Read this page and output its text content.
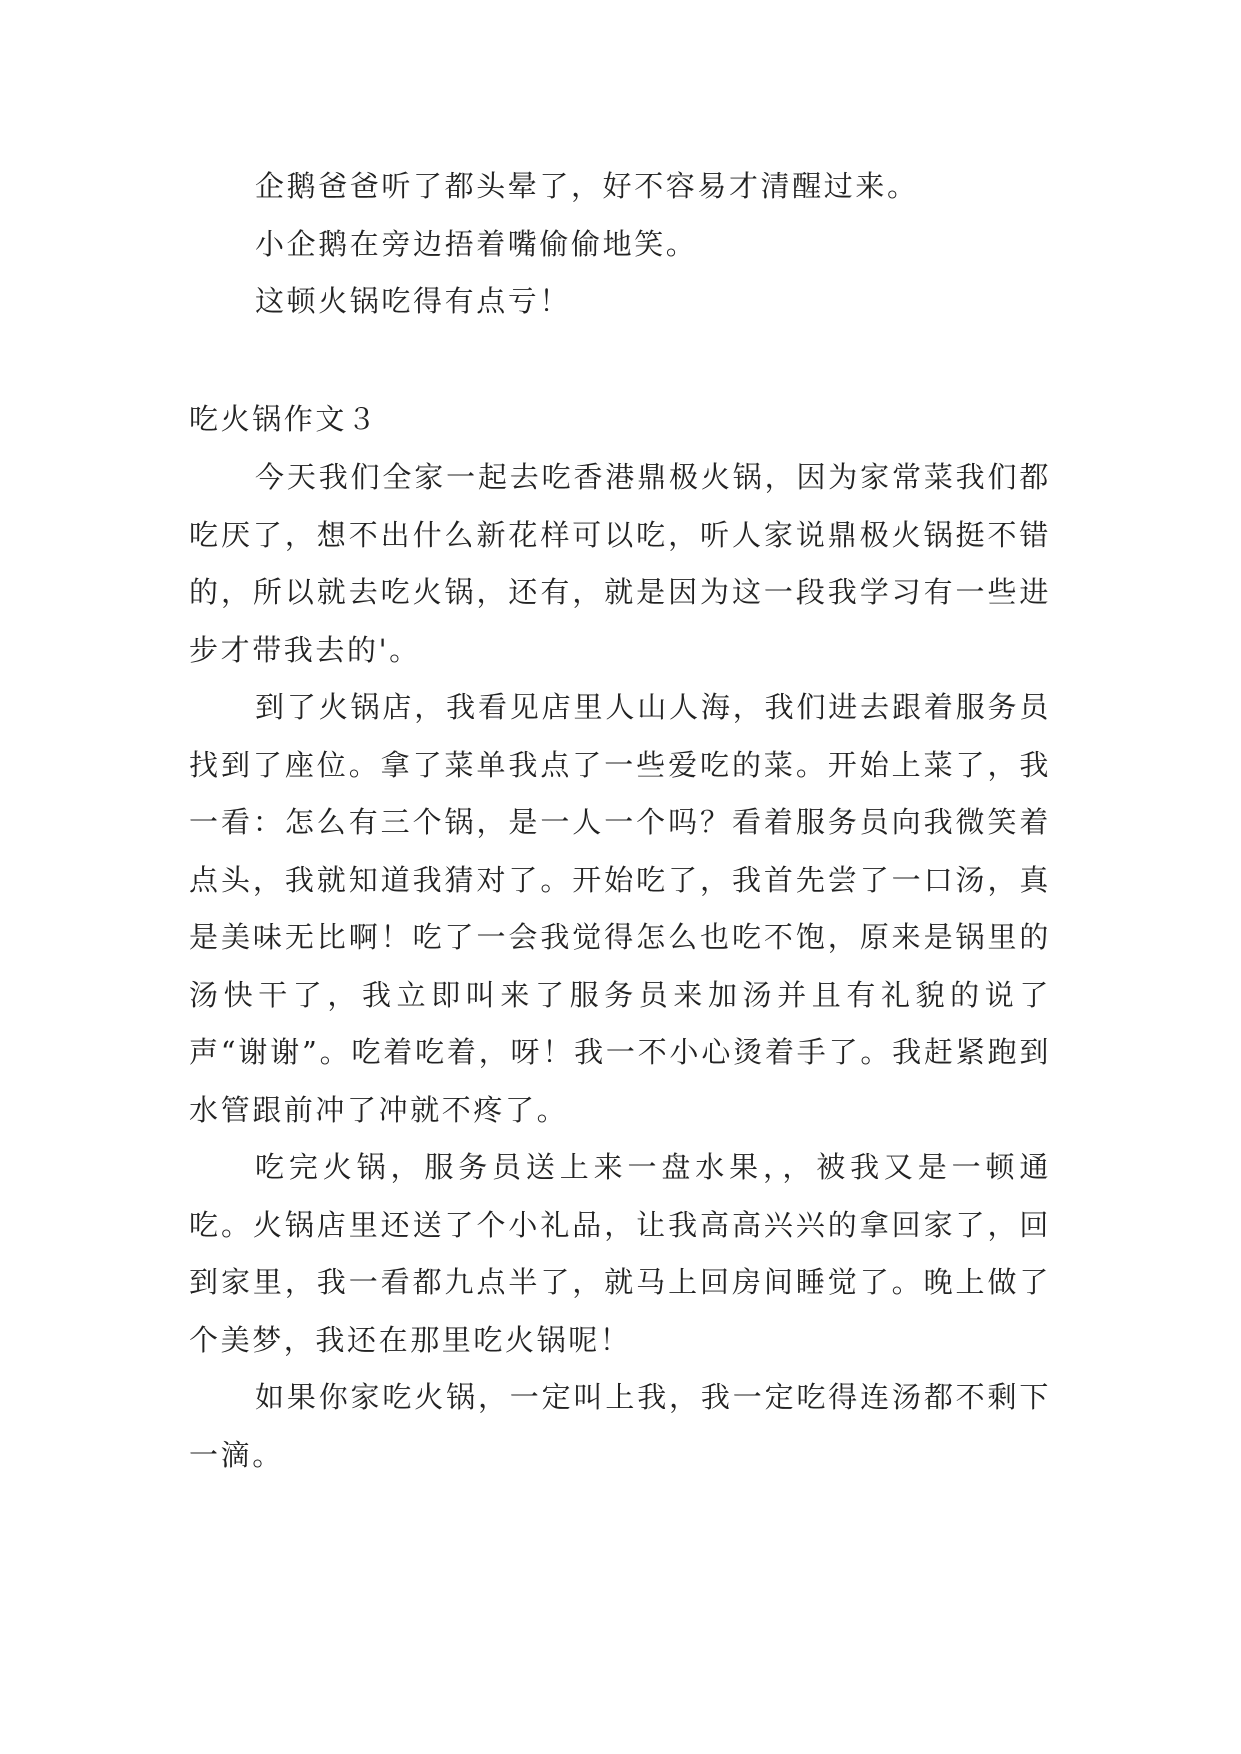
企鹅爸爸听了都头晕了，好不容易才清醒过来。

小企鹅在旁边捂着嘴偷偷地笑。

这顿火锅吃得有点亏！

吃火锅作文３

今天我们全家一起去吃香港鼎极火锅，因为家常菜我们都吃厌了，想不出什么新花样可以吃，听人家说鼎极火锅挺不错的，所以就去吃火锅，还有，就是因为这一段我学习有一些进步才带我去的'。

到了火锅店，我看见店里人山人海，我们进去跟着服务员找到了座位。拿了菜单我点了一些爱吃的菜。开始上菜了，我一看：怎么有三个锅，是一人一个吗？看着服务员向我微笑着点头，我就知道我猜对了。开始吃了，我首先尝了一口汤，真是美味无比啊！吃了一会我觉得怎么也吃不饱，原来是锅里的汤快干了，我立即叫来了服务员来加汤并且有礼貌的说了声“谢谢”。吃着吃着，呀！我一不小心烫着手了。我赶紧跑到水管跟前冲了冲就不疼了。

吃完火锅，服务员送上来一盘水果，，被我又是一顿通吃。火锅店里还送了个小礼品，让我高高兴兴的拿回家了，回到家里，我一看都九点半了，就马上回房间睡觉了。晚上做了个美梦，我还在那里吃火锅呢！

如果你家吃火锅，一定叫上我，我一定吃得连汤都不剩下一滴。
